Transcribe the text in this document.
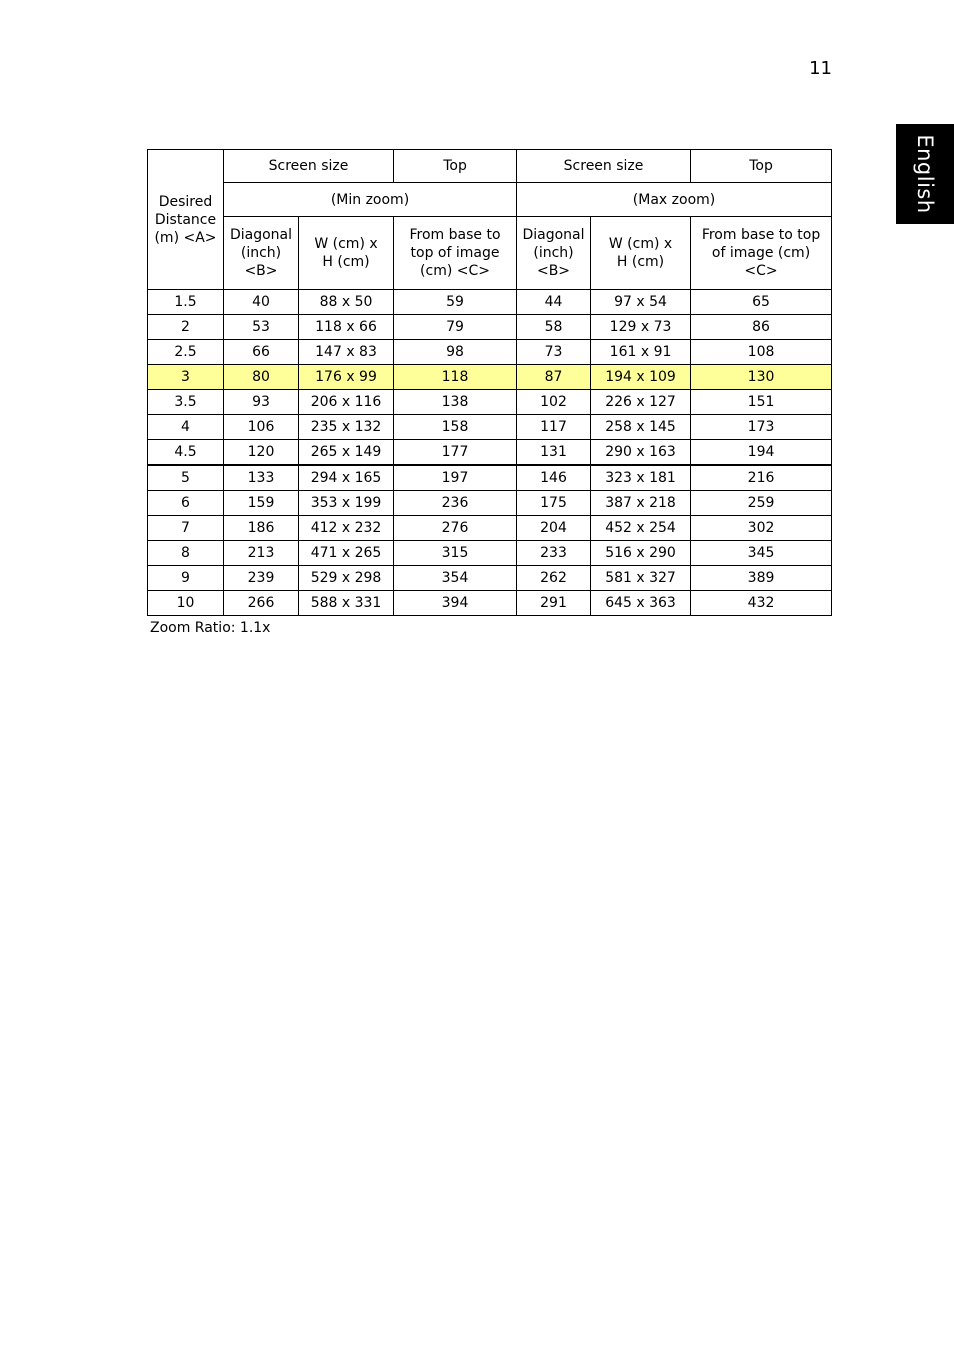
11
English
Desired Distance (m) <A>	Screen size		Top	Screen size		Top
	(Min zoom)			(Max zoom)		
	Diagonal (inch) <B>	W (cm) x H (cm)	From base to top of image (cm) <C>	Diagonal (inch) <B>	W (cm) x H (cm)	From base to top of image (cm) <C>
1.5	40	88 x 50	59	44	97 x 54	65
2	53	118 x 66	79	58	129 x 73	86
2.5	66	147 x 83	98	73	161 x 91	108
3	80	176 x 99	118	87	194 x 109	130
3.5	93	206 x 116	138	102	226 x 127	151
4	106	235 x 132	158	117	258 x 145	173
4.5	120	265 x 149	177	131	290 x 163	194
5	133	294 x 165	197	146	323 x 181	216
6	159	353 x 199	236	175	387 x 218	259
7	186	412 x 232	276	204	452 x 254	302
8	213	471 x 265	315	233	516 x 290	345
9	239	529 x 298	354	262	581 x 327	389
10	266	588 x 331	394	291	645 x 363	432
Zoom Ratio: 1.1x
